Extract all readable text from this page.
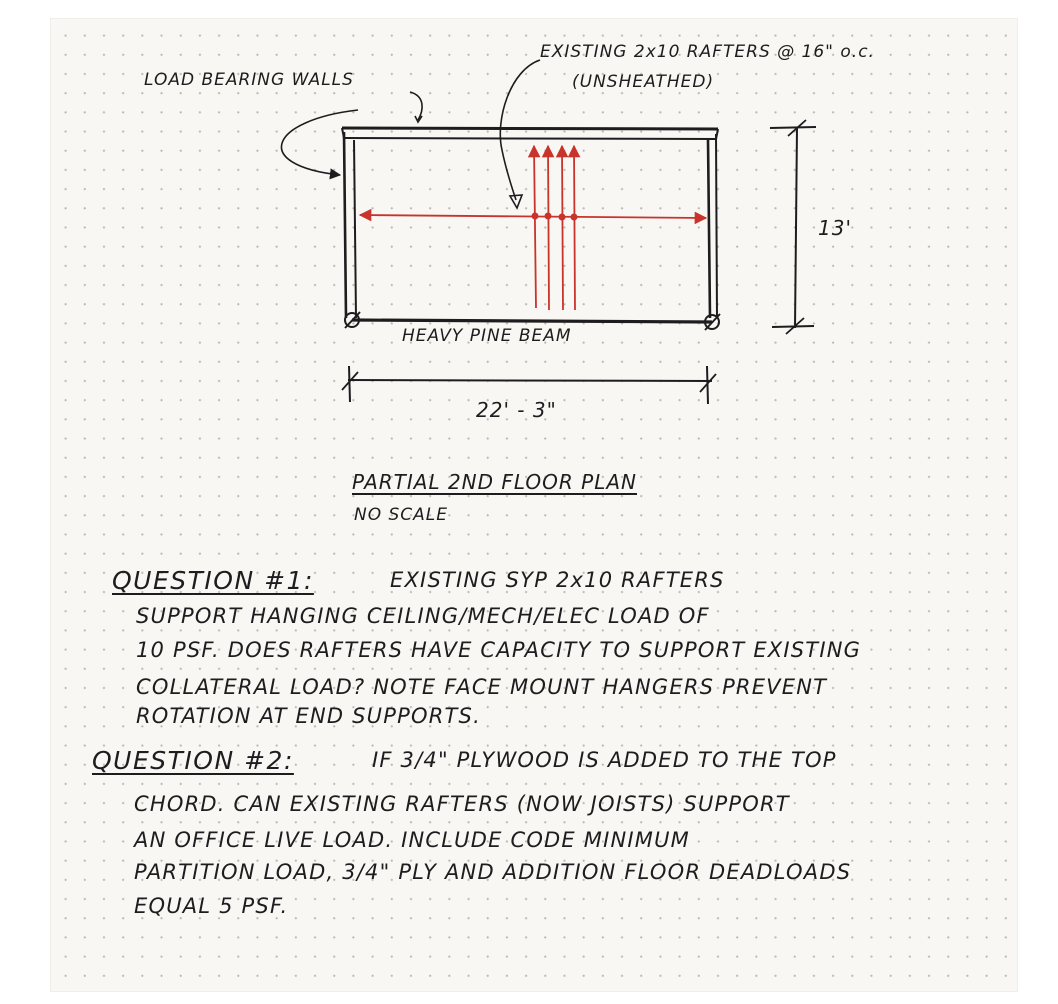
LOAD BEARING WALLS

EXISTING 2x10 RAFTERS @ 16" o.c.

(UNSHEATHED)

HEAVY PINE BEAM

13'

22' - 3"

PARTIAL 2ND FLOOR PLAN

NO SCALE

QUESTION #1:	EXISTING SYP 2x10 RAFTERS

SUPPORT HANGING CEILING/MECH/ELEC LOAD OF

10 PSF. DOES RAFTERS HAVE CAPACITY TO SUPPORT EXISTING

COLLATERAL LOAD? NOTE FACE MOUNT HANGERS PREVENT

ROTATION AT END SUPPORTS.

QUESTION #2:	IF 3/4" PLYWOOD IS ADDED TO THE TOP

CHORD. CAN EXISTING RAFTERS (NOW JOISTS) SUPPORT

AN OFFICE LIVE LOAD. INCLUDE CODE MINIMUM

PARTITION LOAD, 3/4" PLY AND ADDITION FLOOR DEADLOADS

EQUAL 5 PSF.
